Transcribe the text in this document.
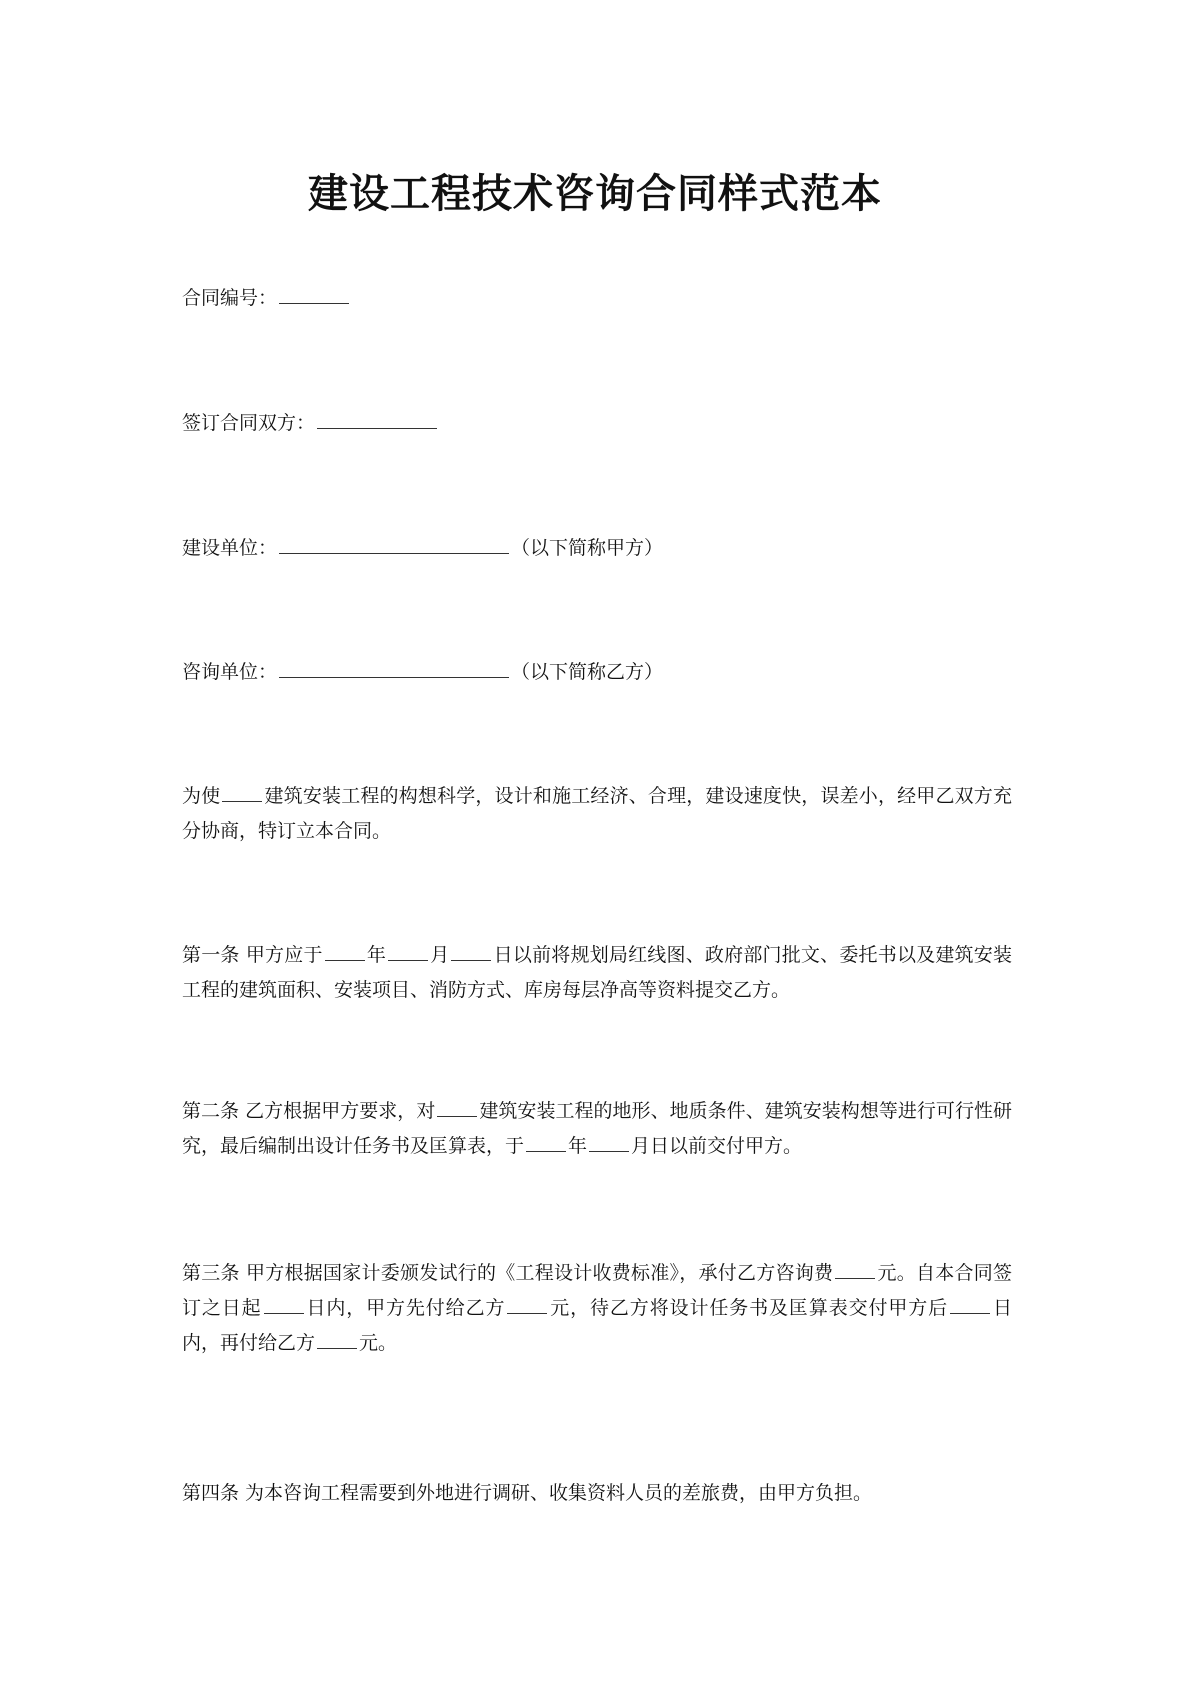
建设工程技术咨询合同样式范本
合同编号：
签订合同双方：
建设单位：	（以下简称甲方）
咨询单位：	（以下简称乙方）
为使 建筑安装工程的构想科学，设计和施工经济、合理，建设速度快，误差小，经甲乙双方充分协商，特订立本合同。
第一条 甲方应于 年 月 日以前将规划局红线图、政府部门批文、委托书以及建筑安装工程的建筑面积、安装项目、消防方式、库房每层净高等资料提交乙方。
第二条 乙方根据甲方要求，对 建筑安装工程的地形、地质条件、建筑安装构想等进行可行性研究，最后编制出设计任务书及匡算表，于 年 月日以前交付甲方。
第三条 甲方根据国家计委颁发试行的《工程设计收费标准》，承付乙方咨询费 元。自本合同签订之日起 日内，甲方先付给乙方 元，待乙方将设计任务书及匡算表交付甲方后 日内，再付给乙方 元。
第四条 为本咨询工程需要到外地进行调研、收集资料人员的差旅费，由甲方负担。
